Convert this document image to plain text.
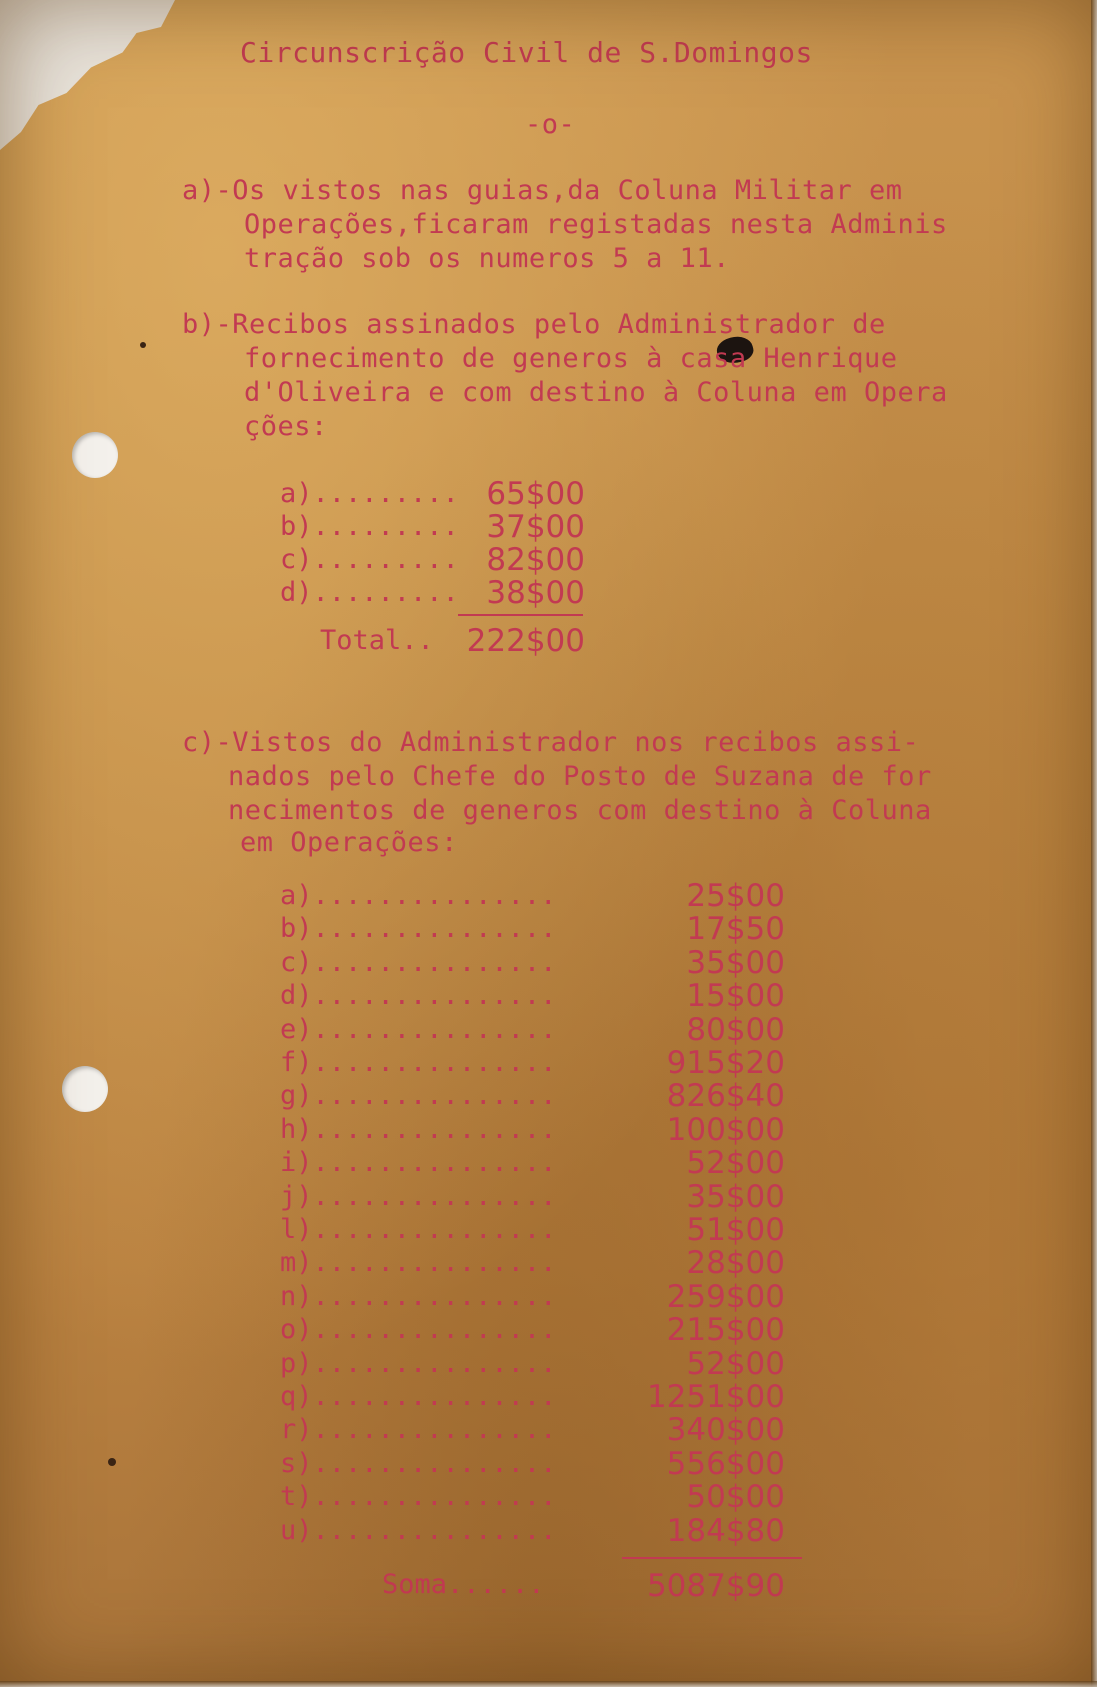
Circunscrição Civil de S.Domingos
-o-
a)-Os vistos nas guias,da Coluna Militar em
Operações,ficaram registadas nesta Adminis
tração sob os numeros 5 a 11.
b)-Recibos assinados pelo Administrador de
fornecimento de generos à casa Henrique
d'Oliveira e com destino à Coluna em Opera
ções:
a)......... 65$00
b)......... 37$00
c)......... 82$00
d)......... 38$00
Total..	222$00
c)-Vistos do Administrador nos recibos assi-
nados pelo Chefe do Posto de Suzana de for
necimentos de generos com destino à Coluna
em Operações:
a)...............	25$00
b)...............	17$50
c)...............	35$00
d)...............	15$00
e)...............	80$00
f)...............	915$20
g)...............	826$40
h)...............	100$00
i)...............	52$00
j)...............	35$00
l)...............	51$00
m)...............	28$00
n)...............	259$00
o)...............	215$00
p)...............	52$00
q)...............	1251$00
r)...............	340$00
s)...............	556$00
t)...............	50$00
u)...............	184$80
Soma......	5087$90
